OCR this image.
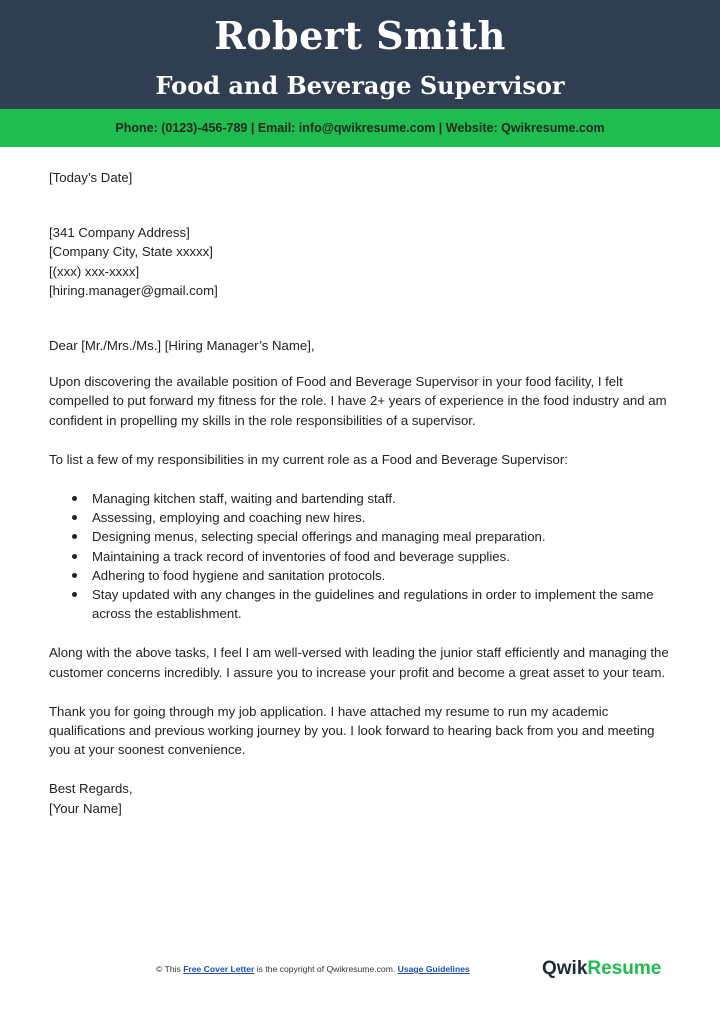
Robert Smith
Food and Beverage Supervisor
Phone: (0123)-456-789 | Email: info@qwikresume.com | Website: Qwikresume.com

[Today’s Date]

[341 Company Address]

[Company City, State xxxxx]

[(xxx) xxx-xxxx]

[hiring.manager@gmail.com]

Dear [Mr./Mrs./Ms.] [Hiring Manager’s Name],

Upon discovering the available position of Food and Beverage Supervisor in your food facility, I felt compelled to put forward my fitness for the role. I have 2+ years of experience in the food industry and am confident in propelling my skills in the role responsibilities of a supervisor.

To list a few of my responsibilities in my current role as a Food and Beverage Supervisor:

Managing kitchen staff, waiting and bartending staff.
Assessing, employing and coaching new hires.
Designing menus, selecting special offerings and managing meal preparation.
Maintaining a track record of inventories of food and beverage supplies.
Adhering to food hygiene and sanitation protocols.
Stay updated with any changes in the guidelines and regulations in order to implement the same across the establishment.

Along with the above tasks, I feel I am well-versed with leading the junior staff efficiently and managing the customer concerns incredibly. I assure you to increase your profit and become a great asset to your team.

Thank you for going through my job application. I have attached my resume to run my academic qualifications and previous working journey by you. I look forward to hearing back from you and meeting you at your soonest convenience.

Best Regards,

[Your Name]

© This Free Cover Letter is the copyright of Qwikresume.com. Usage Guidelines	QwikResume
